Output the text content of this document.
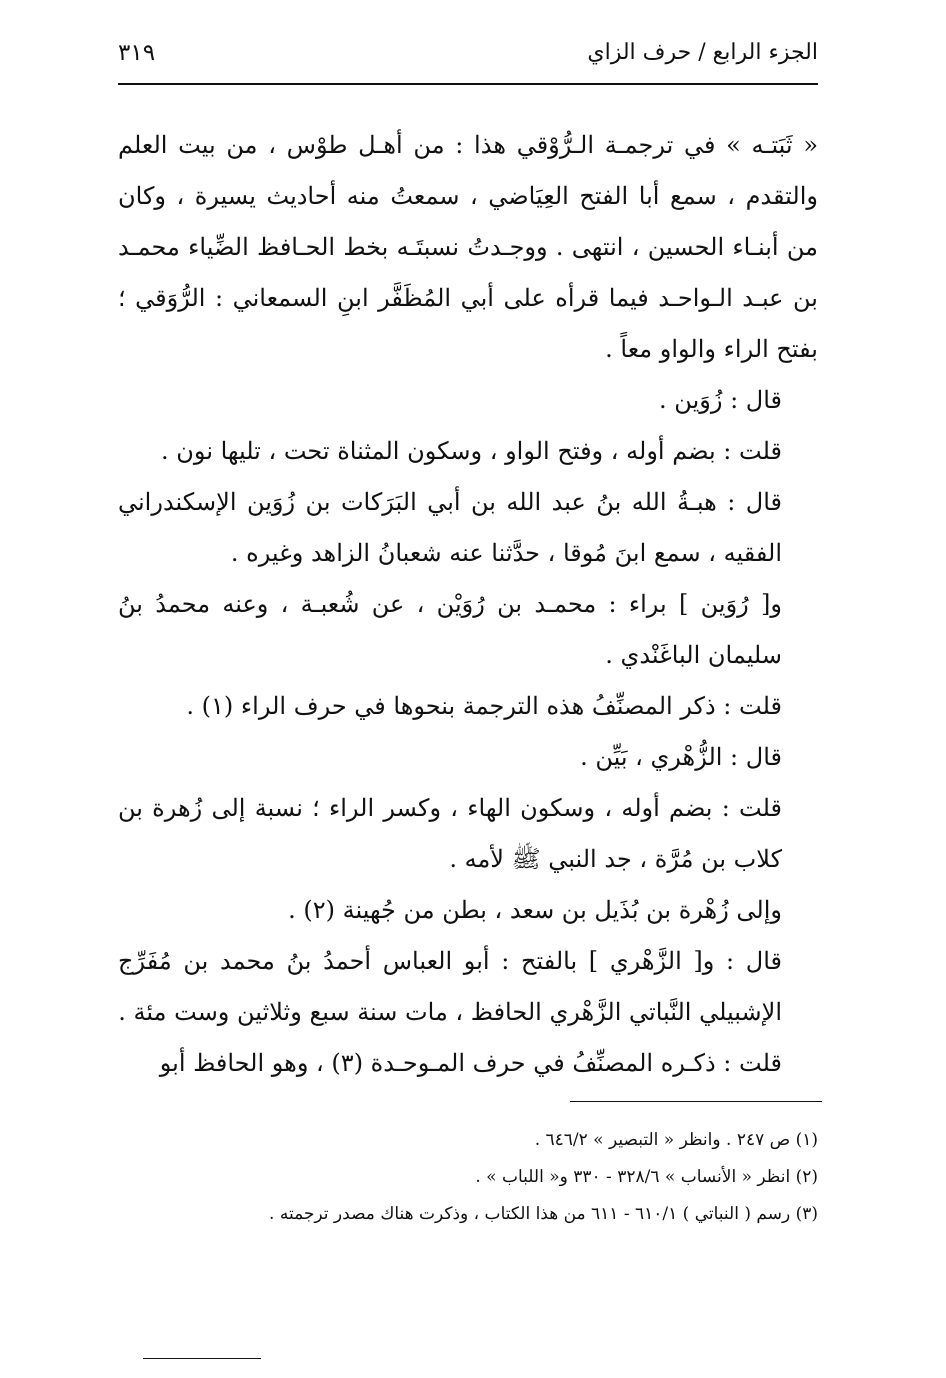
الجزء الرابع / حرف الزاي
٣١٩

« ثَبَتـه » في ترجمـة الـرُّوْقي هذا : من أهـل طوْس ، من بيت العلم والتقدم ، سمع أبا الفتح العِيَاضي ، سمعتُ منه أحاديث يسيرة ، وكان من أبنـاء الحسين ، انتهى . ووجـدتُ نسبتَـه بخط الحـافظ الضِّياء محمـد بن عبـد الـواحـد فيما قرأه على أبي المُظَفَّر ابنِ السمعاني : الرُّوَقي ؛ بفتح الراء والواو معاً .

قال : زُوَين .

قلت : بضم أوله ، وفتح الواو ، وسكون المثناة تحت ، تليها نون .

قال : هبـةُ الله بنُ عبد الله بن أبي البَرَكات بن زُوَين الإسكندراني الفقيه ، سمع ابنَ مُوقا ، حدَّثنا عنه شعبانُ الزاهد وغيره .

و[ رُوَين ] براء : محمـد بن رُوَيْن ، عن شُعبـة ، وعنه محمدُ بنُ سليمان الباغَنْدي .

قلت : ذكر المصنِّفُ هذه الترجمة بنحوها في حرف الراء (١) .

قال : الزُّهْري ، بَيِّن .

قلت : بضم أوله ، وسكون الهاء ، وكسر الراء ؛ نسبة إلى زُهرة بن كلاب بن مُرَّة ، جد النبي ﷺ لأمه .

وإلى زُهْرة بن بُذَيل بن سعد ، بطن من جُهينة (٢) .

قال : و[ الزَّهْري ] بالفتح : أبو العباس أحمدُ بنُ محمد بن مُفَرِّج الإشبيلي النَّباتي الزَّهْري الحافظ ، مات سنة سبع وثلاثين وست مئة .

قلت : ذكـره المصنِّفُ في حرف المـوحـدة (٣) ، وهو الحافظ أبو

(١) ص ٢٤٧ . وانظر « التبصير » ٦٤٦/٢ .

(٢) انظر « الأنساب » ٣٢٨/٦ - ٣٣٠ و« اللباب » .

(٣) رسم ( النباتي ) ٦١٠/١ - ٦١١ من هذا الكتاب ، وذكرت هناك مصدر ترجمته .
